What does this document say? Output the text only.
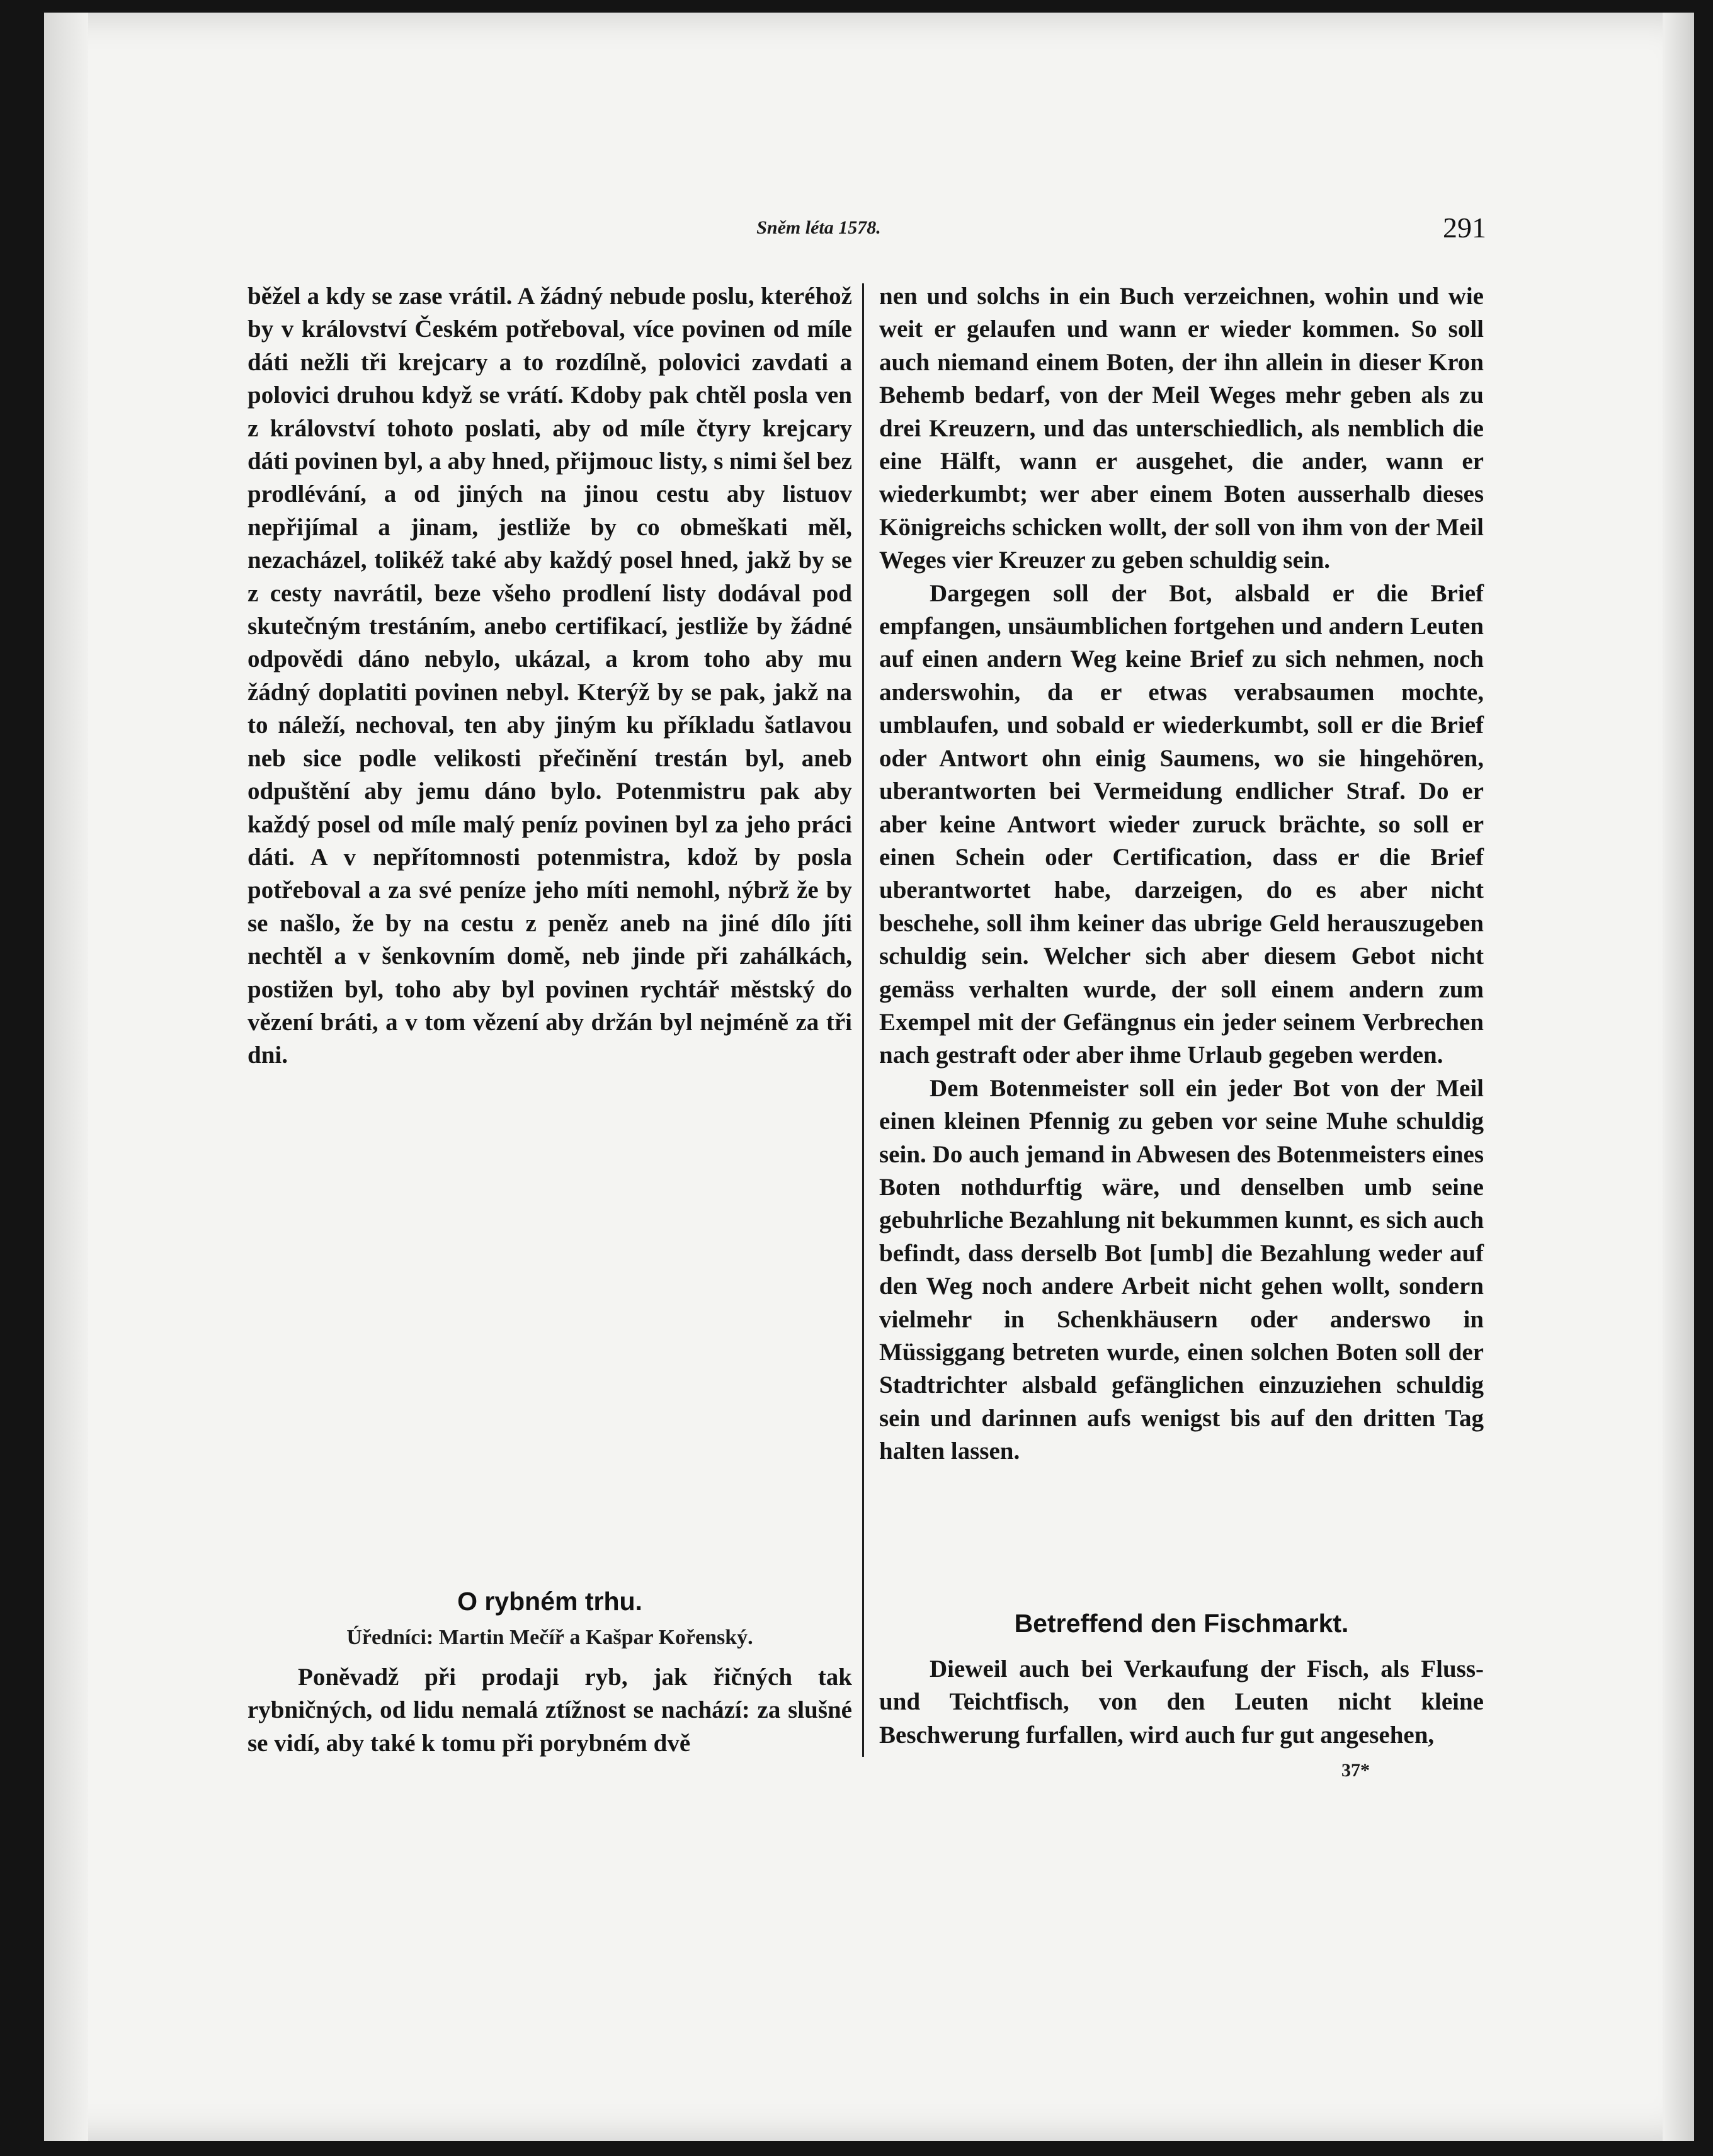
Sněm léta 1578.	291

běžel a kdy se zase vrátil. A žádný nebude poslu, kteréhož by v království Českém potřeboval, více povinen od míle dáti nežli tři krejcary a to rozdílně, polovici zavdati a polovici druhou když se vrátí. Kdoby pak chtěl posla ven z království tohoto poslati, aby od míle čtyry krejcary dáti povinen byl, a aby hned, přijmouc listy, s nimi šel bez prodlévání, a od jiných na jinou cestu aby listuov nepřijímal a jinam, jestliže by co obmeškati měl, nezacházel, tolikéž také aby každý posel hned, jakž by se z cesty navrátil, beze všeho prodlení listy dodával pod skutečným trestáním, anebo certifikací, jestliže by žádné odpovědi dáno nebylo, ukázal, a krom toho aby mu žádný doplatiti povinen nebyl. Kterýž by se pak, jakž na to náleží, nechoval, ten aby jiným ku příkladu šatlavou neb sice podle velikosti přečinění trestán byl, aneb odpuštění aby jemu dáno bylo. Potenmistru pak aby každý posel od míle malý peníz povinen byl za jeho práci dáti. A v nepřítomnosti potenmistra, kdož by posla potřeboval a za své peníze jeho míti nemohl, nýbrž že by se našlo, že by na cestu z peněz aneb na jiné dílo jíti nechtěl a v šenkovním domě, neb jinde při zahálkách, postižen byl, toho aby byl povinen rychtář městský do vězení bráti, a v tom vězení aby držán byl nejméně za tři dni.

nen und solchs in ein Buch verzeichnen, wohin und wie weit er gelaufen und wann er wieder kommen. So soll auch niemand einem Boten, der ihn allein in dieser Kron Behemb bedarf, von der Meil Weges mehr geben als zu drei Kreuzern, und das unterschiedlich, als nemblich die eine Hälft, wann er ausgehet, die ander, wann er wiederkumbt; wer aber einem Boten ausserhalb dieses Königreichs schicken wollt, der soll von ihm von der Meil Weges vier Kreuzer zu geben schuldig sein.

Dargegen soll der Bot, alsbald er die Brief empfangen, unsäumblichen fortgehen und andern Leuten auf einen andern Weg keine Brief zu sich nehmen, noch anderswohin, da er etwas verabsaumen mochte, umblaufen, und sobald er wiederkumbt, soll er die Brief oder Antwort ohn einig Saumens, wo sie hingehören, uberantworten bei Vermeidung endlicher Straf. Do er aber keine Antwort wieder zuruck brächte, so soll er einen Schein oder Certification, dass er die Brief uberantwortet habe, darzeigen, do es aber nicht beschehe, soll ihm keiner das ubrige Geld herauszugeben schuldig sein. Welcher sich aber diesem Gebot nicht gemäss verhalten wurde, der soll einem andern zum Exempel mit der Gefängnus ein jeder seinem Verbrechen nach gestraft oder aber ihme Urlaub gegeben werden.

Dem Botenmeister soll ein jeder Bot von der Meil einen kleinen Pfennig zu geben vor seine Muhe schuldig sein. Do auch jemand in Abwesen des Botenmeisters eines Boten nothdurftig wäre, und denselben umb seine gebuhrliche Bezahlung nit bekummen kunnt, es sich auch befindt, dass derselb Bot [umb] die Bezahlung weder auf den Weg noch andere Arbeit nicht gehen wollt, sondern vielmehr in Schenkhäusern oder anderswo in Müssiggang betreten wurde, einen solchen Boten soll der Stadtrichter alsbald gefänglichen einzuziehen schuldig sein und darinnen aufs wenigst bis auf den dritten Tag halten lassen.

O rybném trhu.
Úředníci: Martin Mečíř a Kašpar Kořenský.

Poněvadž při prodaji ryb, jak řičných tak rybničných, od lidu nemalá ztížnost se nachází: za slušné se vidí, aby také k tomu při porybném dvě

Betreffend den Fischmarkt.

Dieweil auch bei Verkaufung der Fisch, als Fluss- und Teichtfisch, von den Leuten nicht kleine Beschwerung furfallen, wird auch fur gut angesehen,

37*
